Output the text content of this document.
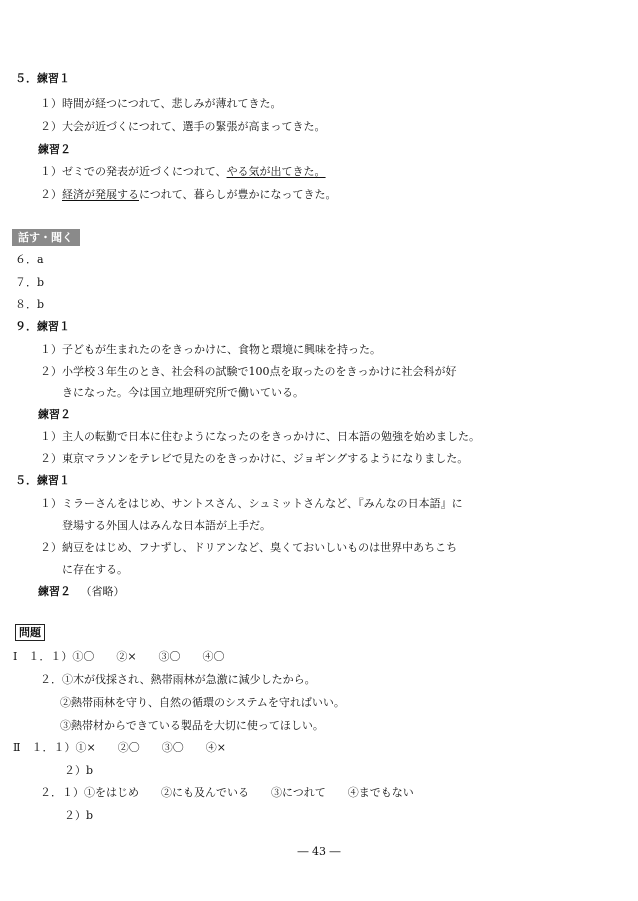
５．練習１
１）時間が経つにつれて、悲しみが薄れてきた。
２）大会が近づくにつれて、選手の緊張が高まってきた。
練習２
１）ゼミでの発表が近づくにつれて、やる気が出てきた。
２）経済が発展するにつれて、暮らしが豊かになってきた。
話す・聞く
６．a
７．b
８．b
９．練習１
１）子どもが生まれたのをきっかけに、食物と環境に興味を持った。
２）小学校３年生のとき、社会科の試験で100点を取ったのをきっかけに社会科が好
きになった。今は国立地理研究所で働いている。
練習２
１）主人の転勤で日本に住むようになったのをきっかけに、日本語の勉強を始めました。
２）東京マラソンをテレビで見たのをきっかけに、ジョギングするようになりました。
５．練習１
１）ミラーさんをはじめ、サントスさん、シュミットさんなど、『みんなの日本語』に
登場する外国人はみんな日本語が上手だ。
２）納豆をはじめ、フナずし、ドリアンなど、臭くておいしいものは世界中あちこち
に存在する。
練習２ （省略）
問題
Ⅰ　１．１）①〇　　②×　　③〇　　④〇
２．①木が伐採され、熱帯雨林が急激に減少したから。
②熱帯雨林を守り、自然の循環のシステムを守ればいい。
③熱帯材からできている製品を大切に使ってほしい。
Ⅱ　１．１）①×　　②〇　　③〇　　④×
２）b
２．１）①をはじめ　　②にも及んでいる　　③につれて　　④までもない
２）b
― 43 ―
